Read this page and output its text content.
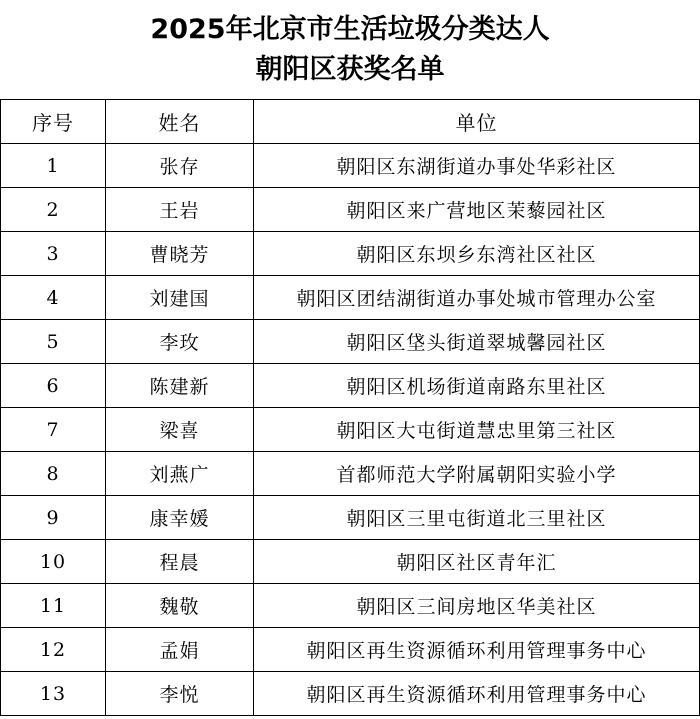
2025年北京市生活垃圾分类达人
朝阳区获奖名单
序号	姓名	单位
1	张存	朝阳区东湖街道办事处华彩社区
2	王岩	朝阳区来广营地区茉藜园社区
3	曹晓芳	朝阳区东坝乡东湾社区社区
4	刘建国	朝阳区团结湖街道办事处城市管理办公室
5	李玫	朝阳区垡头街道翠城馨园社区
6	陈建新	朝阳区机场街道南路东里社区
7	梁喜	朝阳区大屯街道慧忠里第三社区
8	刘燕广	首都师范大学附属朝阳实验小学
9	康幸媛	朝阳区三里屯街道北三里社区
10	程晨	朝阳区社区青年汇
11	魏敬	朝阳区三间房地区华美社区
12	孟娟	朝阳区再生资源循环利用管理事务中心
13	李悦	朝阳区再生资源循环利用管理事务中心
